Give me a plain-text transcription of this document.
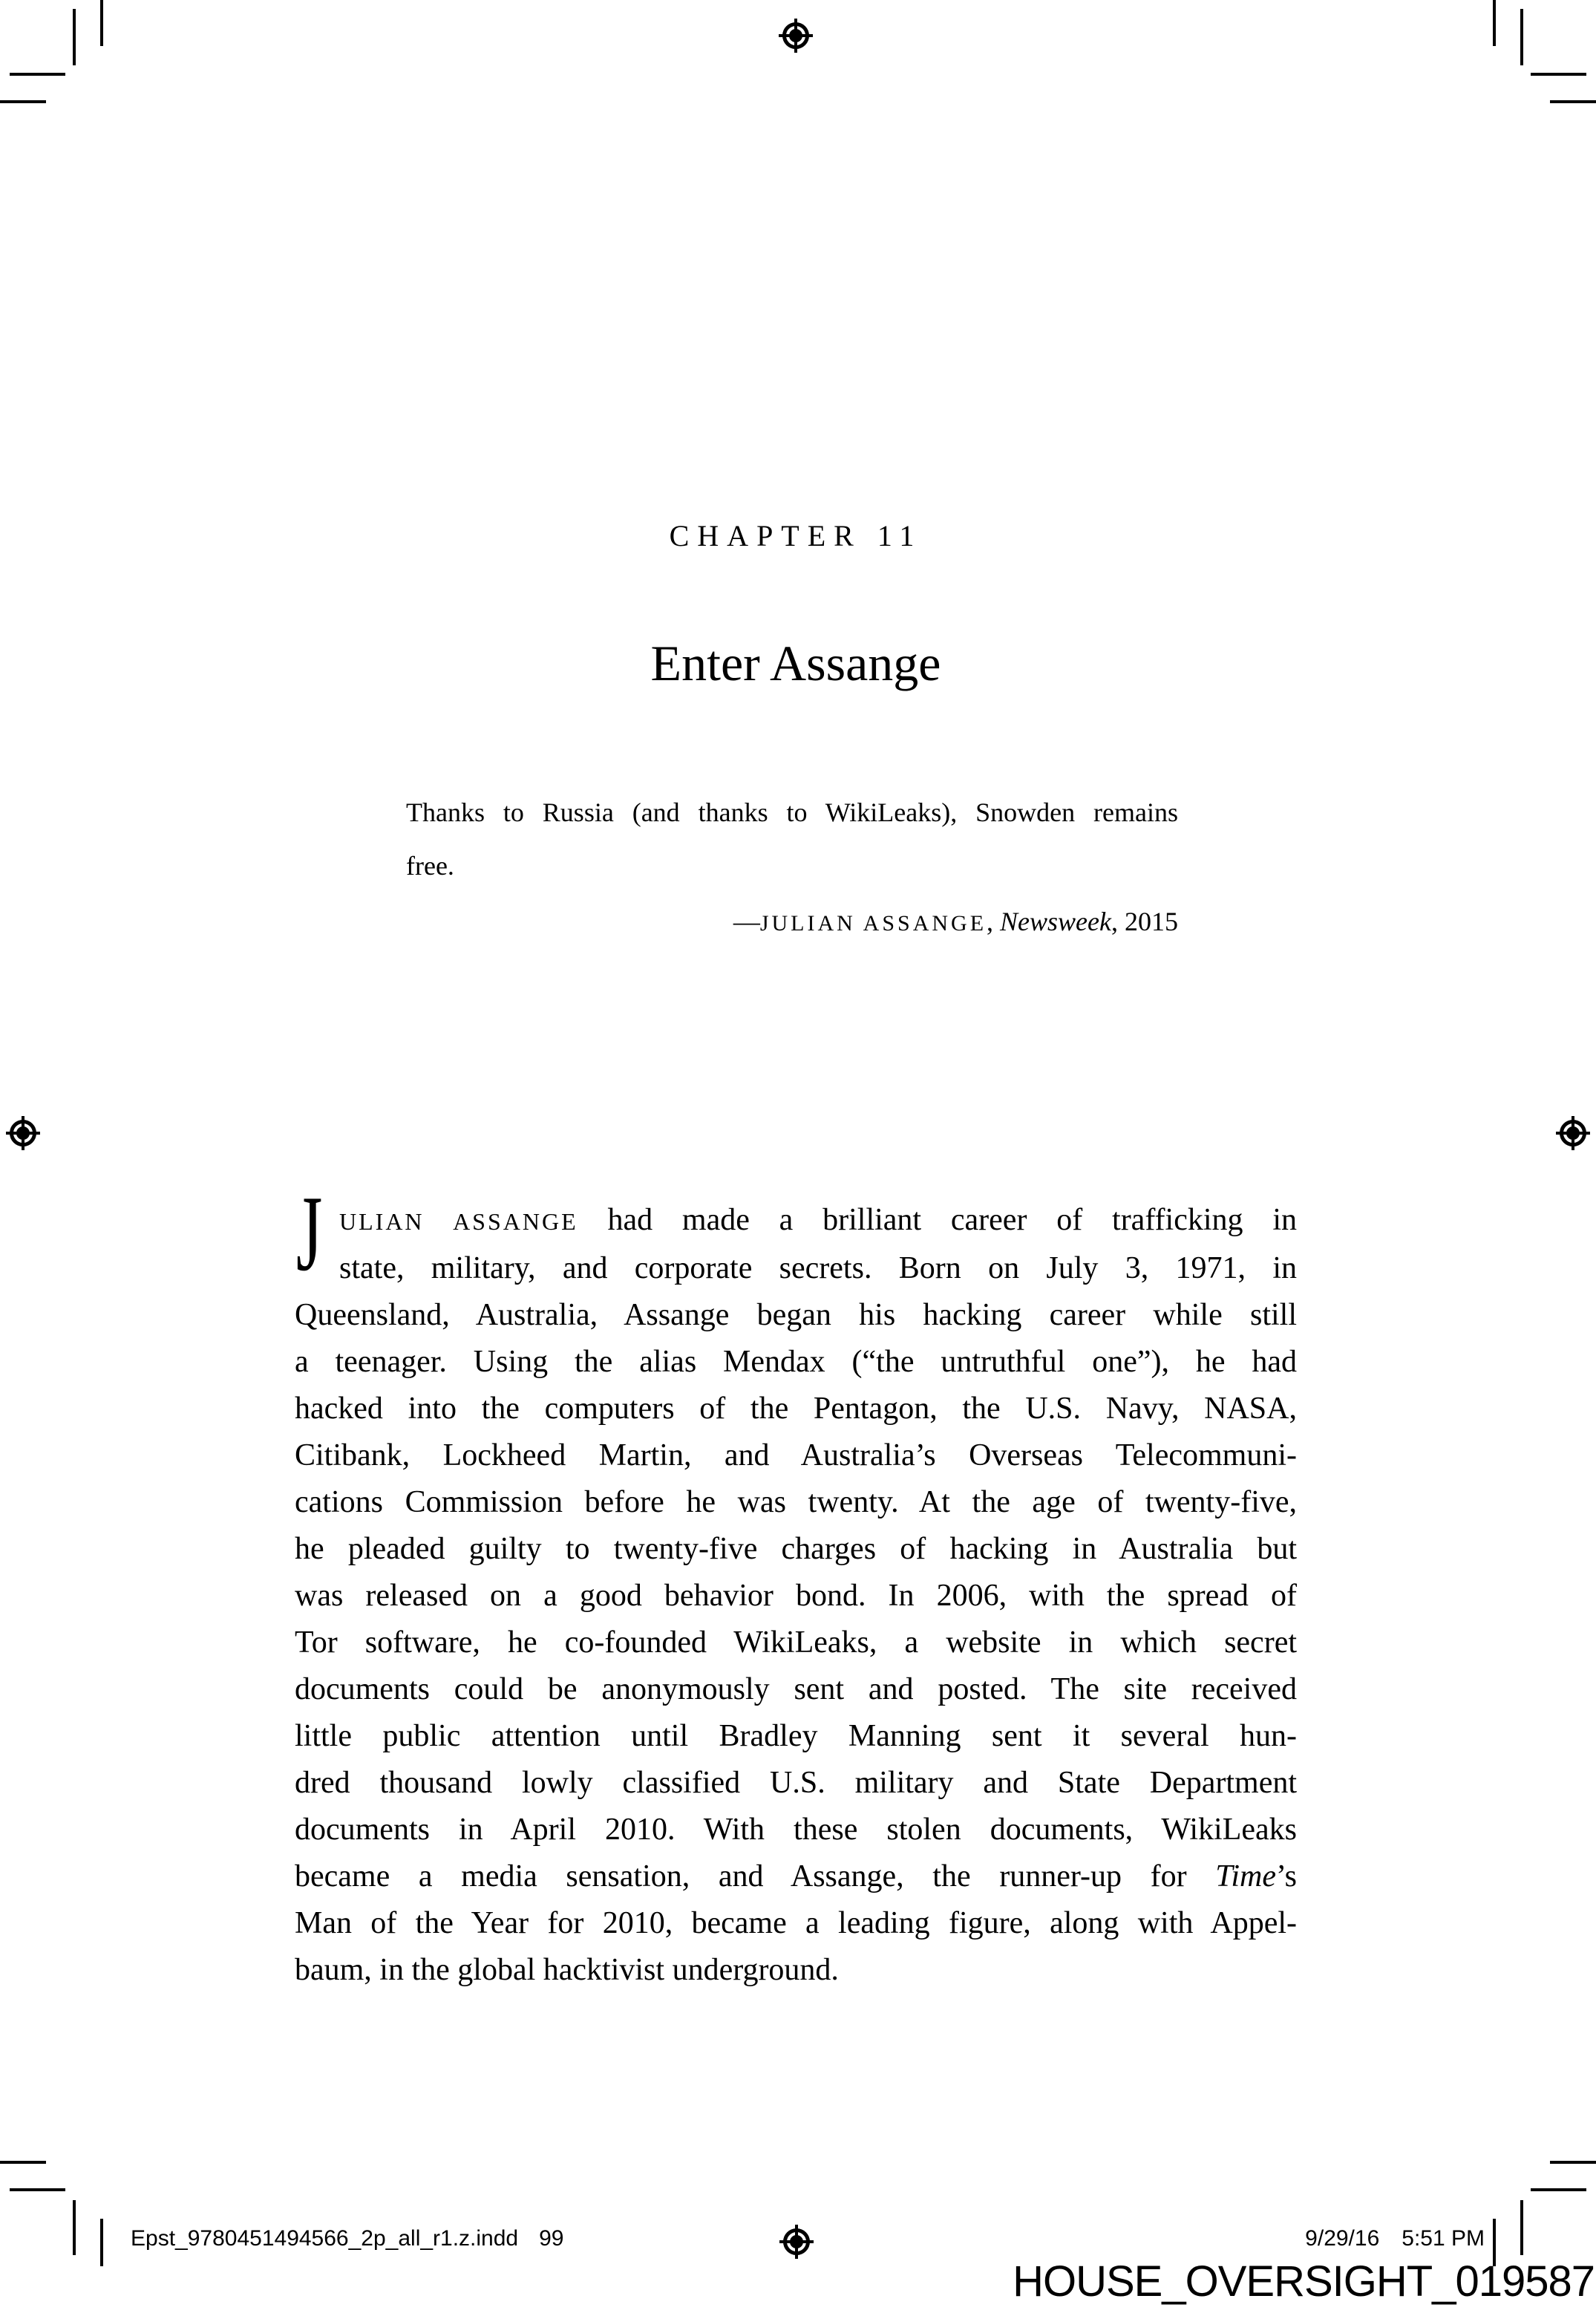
CHAPTER 11
Enter Assange
Thanks to Russia (and thanks to WikiLeaks), Snowden remains
free.
—JULIAN ASSANGE, Newsweek, 2015
J ULIAN ASSANGE had made a brilliant career of trafficking in
state, military, and corporate secrets. Born on July 3, 1971, in
Queensland, Australia, Assange began his hacking career while still
a teenager. Using the alias Mendax (“the untruthful one”), he had
hacked into the computers of the Pentagon, the U.S. Navy, NASA,
Citibank, Lockheed Martin, and Australia’s Overseas Telecommuni-
cations Commission before he was twenty. At the age of twenty-five,
he pleaded guilty to twenty-five charges of hacking in Australia but
was released on a good behavior bond. In 2006, with the spread of
Tor software, he co-founded WikiLeaks, a website in which secret
documents could be anonymously sent and posted. The site received
little public attention until Bradley Manning sent it several hun-
dred thousand lowly classified U.S. military and State Department
documents in April 2010. With these stolen documents, WikiLeaks
became a media sensation, and Assange, the runner-up for Time’s
Man of the Year for 2010, became a leading figure, along with Appel-
baum, in the global hacktivist underground.
Epst_9780451494566_2p_all_r1.z.indd 99	9/29/16 5:51 PM
HOUSE_OVERSIGHT_019587
